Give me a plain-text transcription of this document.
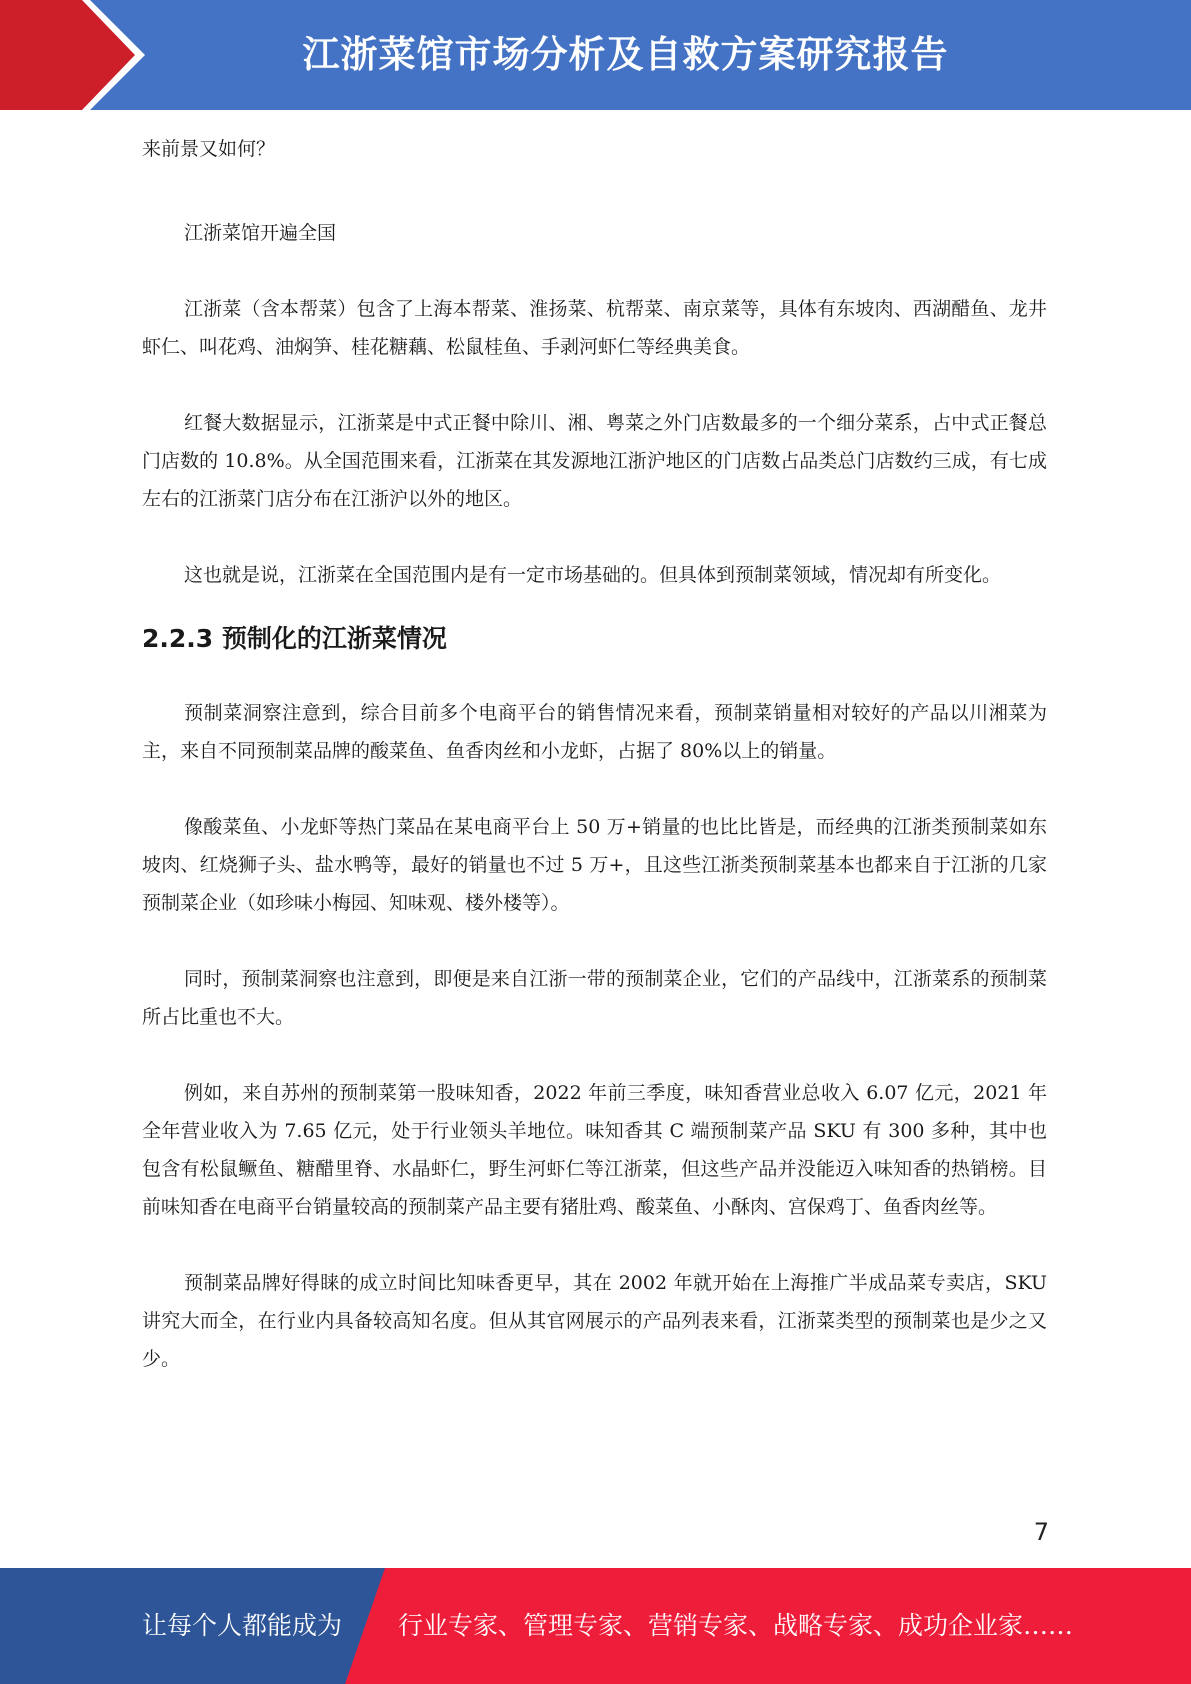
江浙菜馆市场分析及自救方案研究报告

来前景又如何？

江浙菜馆开遍全国

江浙菜（含本帮菜）包含了上海本帮菜、淮扬菜、杭帮菜、南京菜等，具体有东坡肉、西湖醋鱼、龙井虾仁、叫花鸡、油焖笋、桂花糖藕、松鼠桂鱼、手剥河虾仁等经典美食。

红餐大数据显示，江浙菜是中式正餐中除川、湘、粤菜之外门店数最多的一个细分菜系，占中式正餐总门店数的 10.8%。从全国范围来看，江浙菜在其发源地江浙沪地区的门店数占品类总门店数约三成，有七成左右的江浙菜门店分布在江浙沪以外的地区。

这也就是说，江浙菜在全国范围内是有一定市场基础的。但具体到预制菜领域，情况却有所变化。

2.2.3 预制化的江浙菜情况

预制菜洞察注意到，综合目前多个电商平台的销售情况来看，预制菜销量相对较好的产品以川湘菜为主，来自不同预制菜品牌的酸菜鱼、鱼香肉丝和小龙虾，占据了 80%以上的销量。

像酸菜鱼、小龙虾等热门菜品在某电商平台上 50 万+销量的也比比皆是，而经典的江浙类预制菜如东坡肉、红烧狮子头、盐水鸭等，最好的销量也不过 5 万+，且这些江浙类预制菜基本也都来自于江浙的几家预制菜企业（如珍味小梅园、知味观、楼外楼等）。

同时，预制菜洞察也注意到，即便是来自江浙一带的预制菜企业，它们的产品线中，江浙菜系的预制菜所占比重也不大。

例如，来自苏州的预制菜第一股味知香，2022 年前三季度，味知香营业总收入 6.07 亿元，2021 年全年营业收入为 7.65 亿元，处于行业领头羊地位。味知香其 C 端预制菜产品 SKU 有 300 多种，其中也包含有松鼠鳜鱼、糖醋里脊、水晶虾仁，野生河虾仁等江浙菜，但这些产品并没能迈入味知香的热销榜。目前味知香在电商平台销量较高的预制菜产品主要有猪肚鸡、酸菜鱼、小酥肉、宫保鸡丁、鱼香肉丝等。

预制菜品牌好得睐的成立时间比知味香更早，其在 2002 年就开始在上海推广半成品菜专卖店，SKU 讲究大而全，在行业内具备较高知名度。但从其官网展示的产品列表来看，江浙菜类型的预制菜也是少之又少。

7
让每个人都能成为 行业专家、管理专家、营销专家、战略专家、成功企业家……
